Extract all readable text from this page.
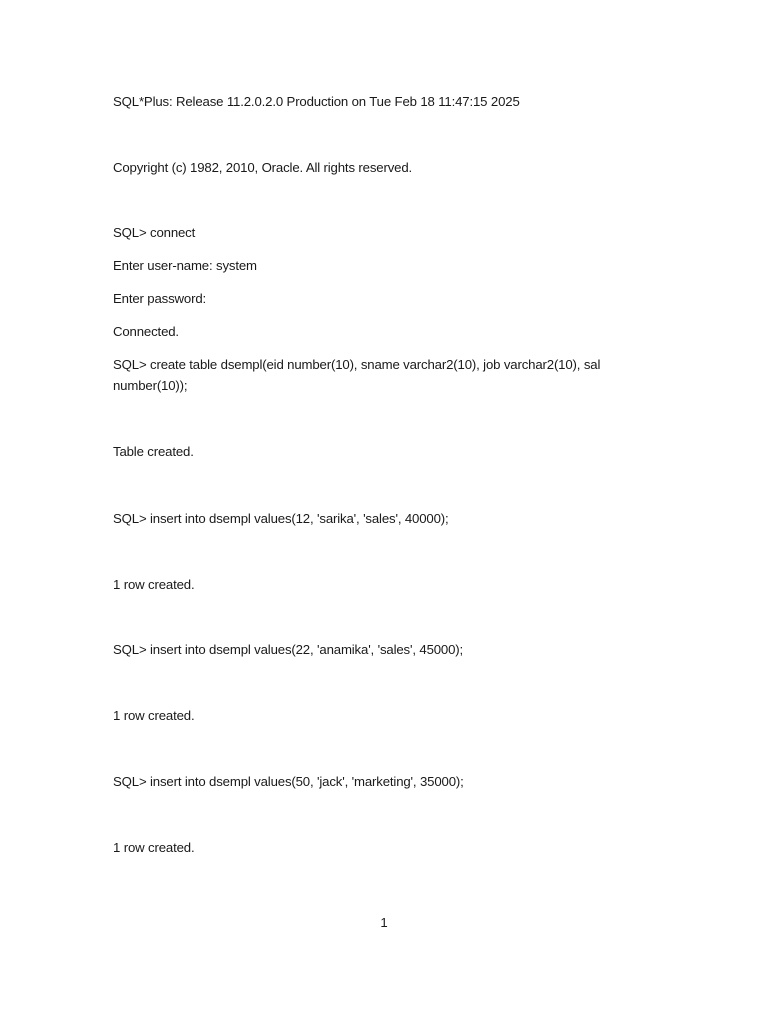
SQL*Plus: Release 11.2.0.2.0 Production on Tue Feb 18 11:47:15 2025
Copyright (c) 1982, 2010, Oracle. All rights reserved.
SQL> connect
Enter user-name: system
Enter password:
Connected.
SQL> create table dsempl(eid number(10), sname varchar2(10), job varchar2(10), sal
number(10));
Table created.
SQL> insert into dsempl values(12, 'sarika', 'sales', 40000);
1 row created.
SQL> insert into dsempl values(22, 'anamika', 'sales', 45000);
1 row created.
SQL> insert into dsempl values(50, 'jack', 'marketing', 35000);
1 row created.
1
